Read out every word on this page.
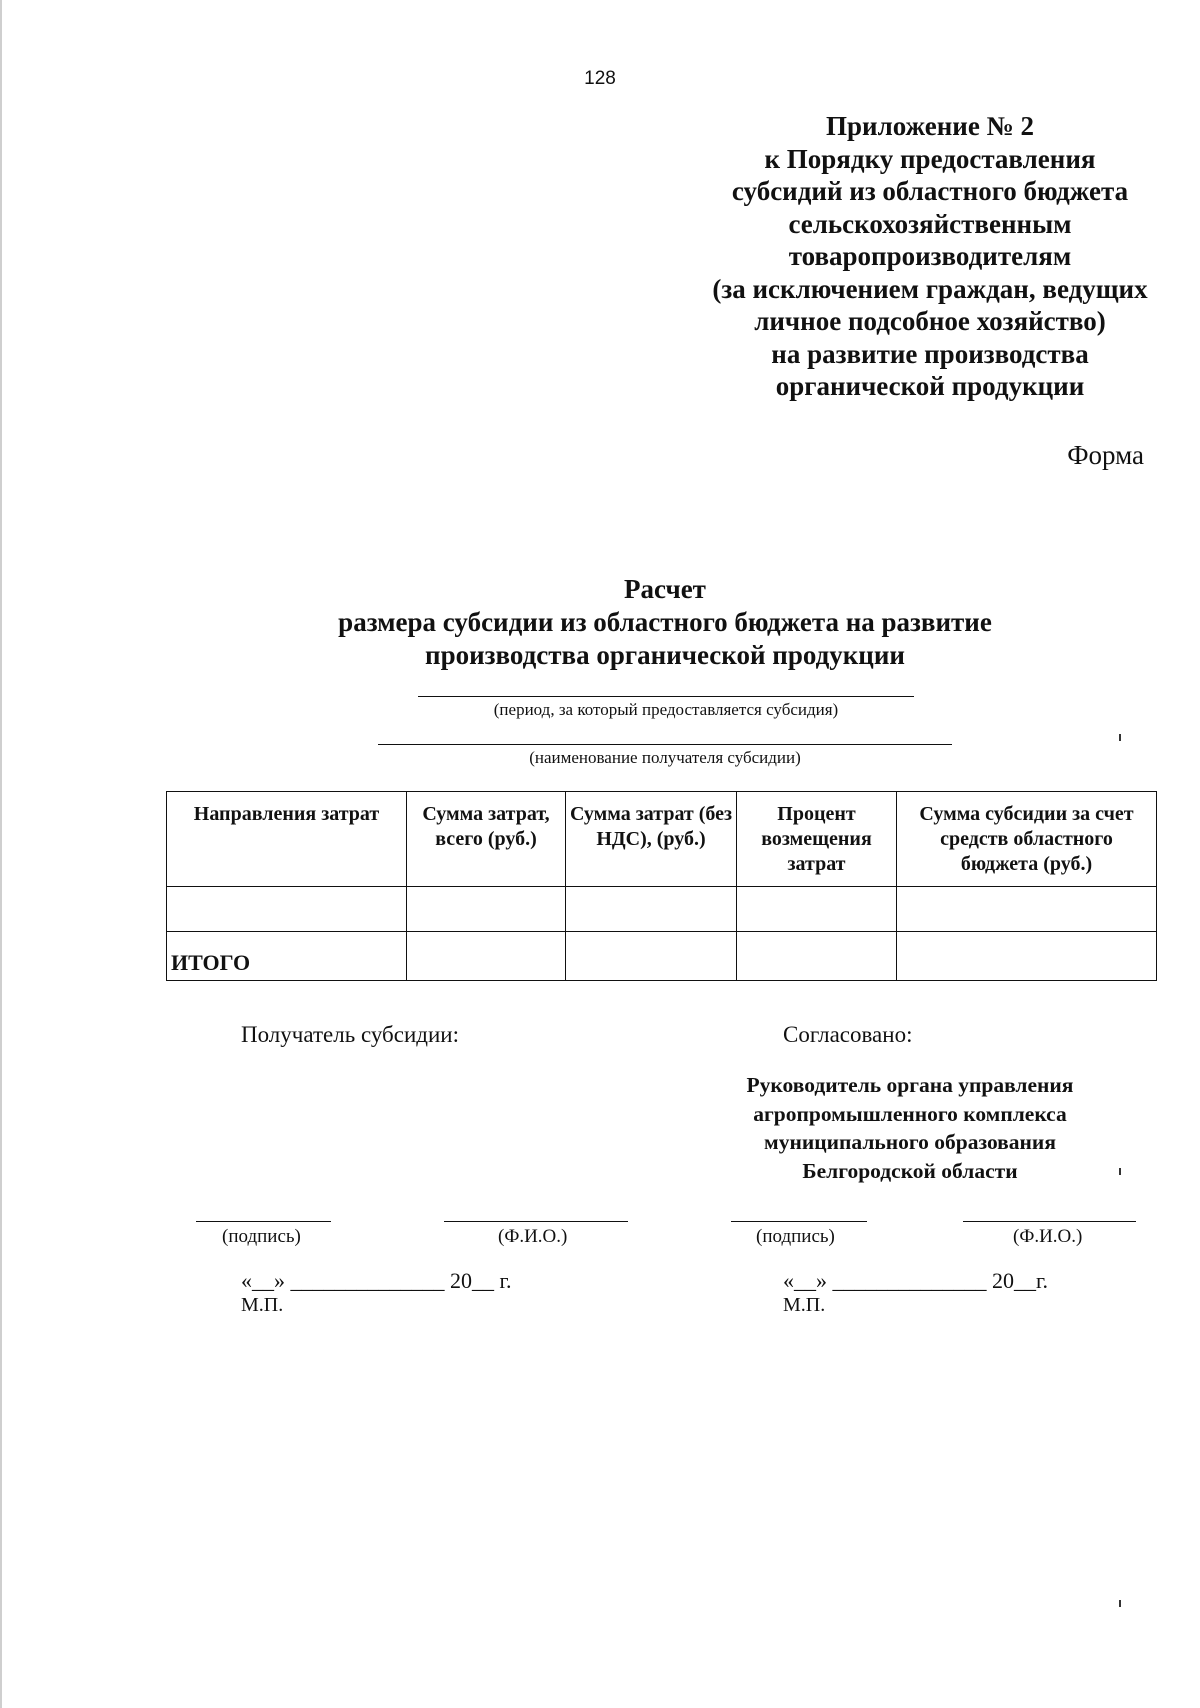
128
Приложение № 2
к Порядку предоставления
субсидий из областного бюджета
сельскохозяйственным
товаропроизводителям
(за исключением граждан, ведущих
личное подсобное хозяйство)
на развитие производства
органической продукции
Форма
Расчет
размера субсидии из областного бюджета на развитие
производства органической продукции
(период, за который предоставляется субсидия)
(наименование получателя субсидии)
Направления затрат	Сумма затрат, всего (руб.)	Сумма затрат (без НДС), (руб.)	Процент возмещения затрат	Сумма субсидии за счет средств областного бюджета (руб.)

ИТОГО				
Получатель субсидии:	Согласовано:
Руководитель органа управления
агропромышленного комплекса
муниципального образования
Белгородской области
(подпись)	(Ф.И.О.)	(подпись)	(Ф.И.О.)
«__» ______________ 20__ г.	«__» ______________ 20__г.
М.П.	М.П.
